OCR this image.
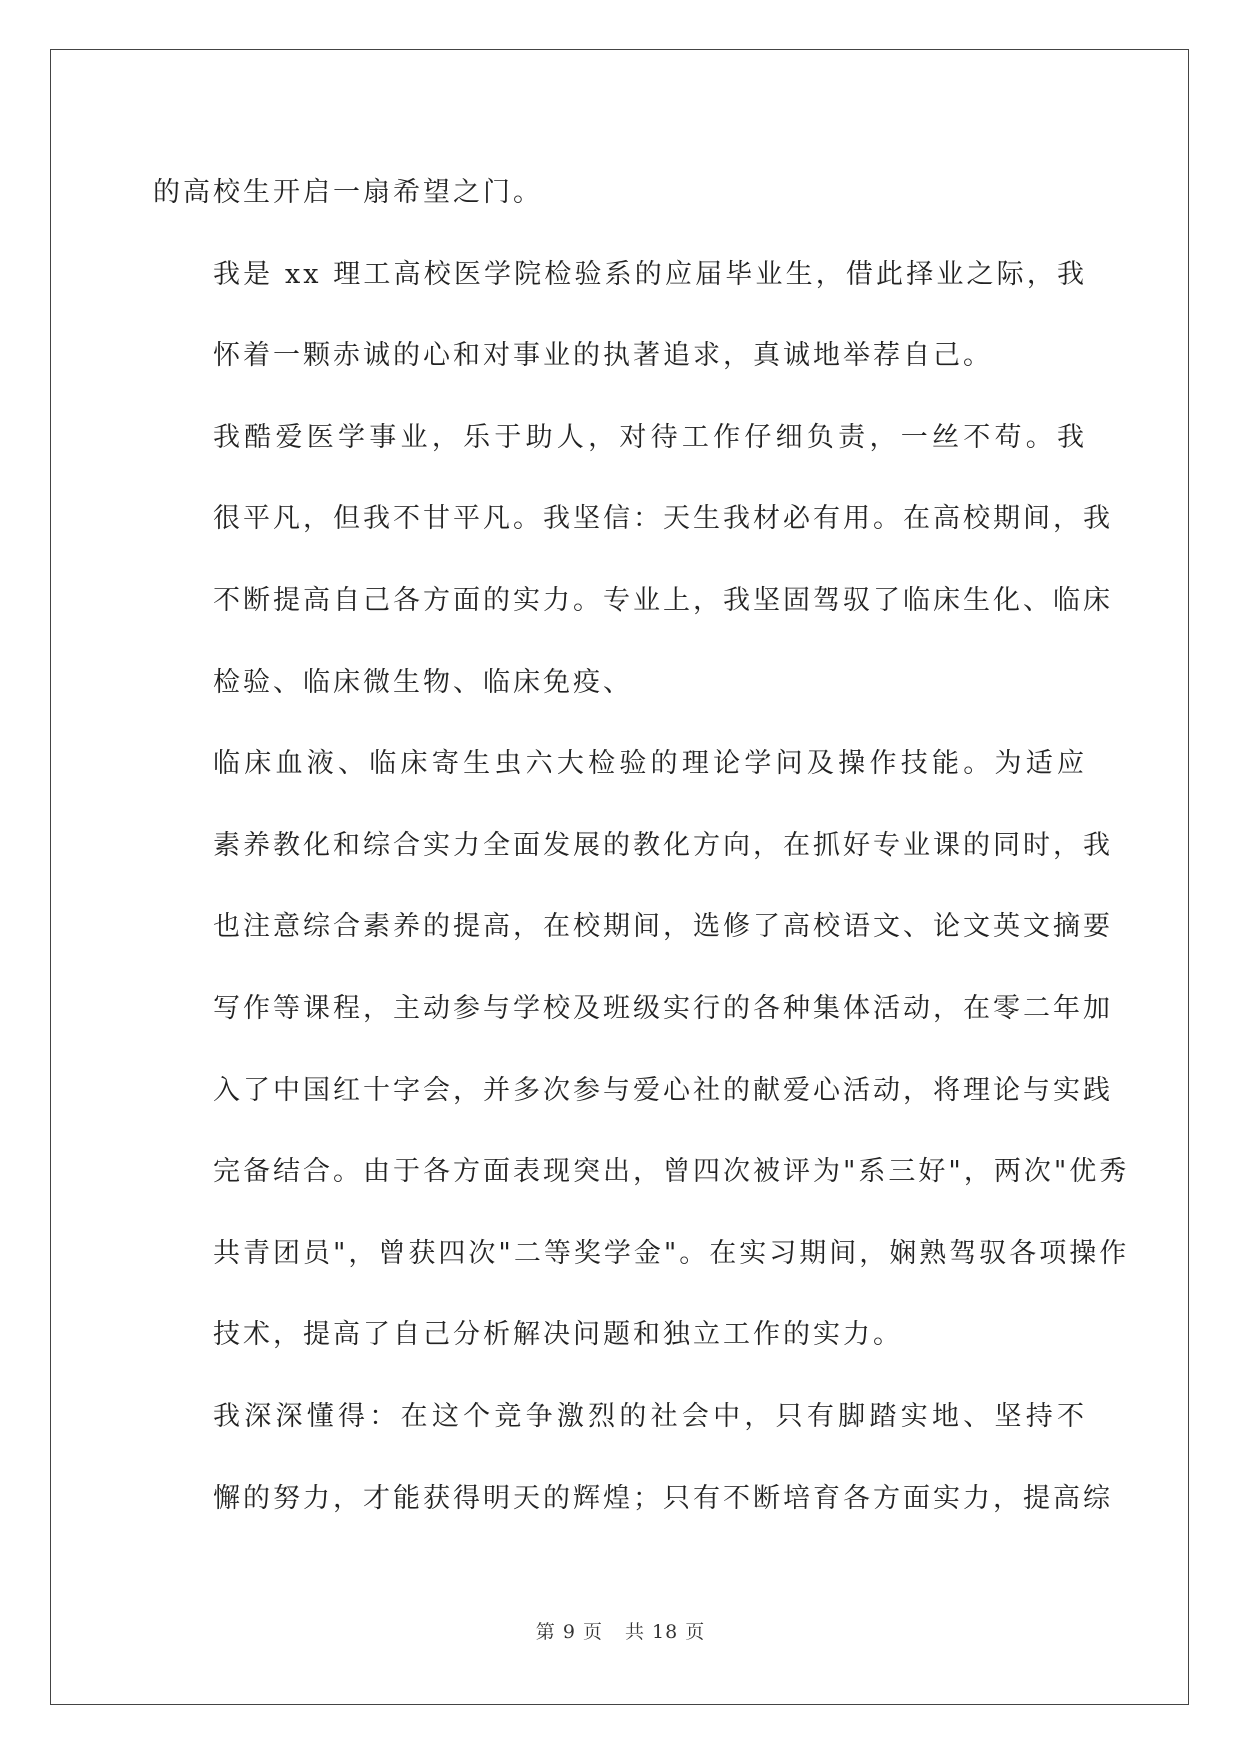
的高校生开启一扇希望之门。

我是 xx 理工高校医学院检验系的应届毕业生，借此择业之际，我
怀着一颗赤诚的心和对事业的执著追求，真诚地举荐自己。

我酷爱医学事业，乐于助人，对待工作仔细负责，一丝不苟。我
很平凡，但我不甘平凡。我坚信：天生我材必有用。在高校期间，我
不断提高自己各方面的实力。专业上，我坚固驾驭了临床生化、临床
检验、临床微生物、临床免疫、

临床血液、临床寄生虫六大检验的理论学问及操作技能。为适应
素养教化和综合实力全面发展的教化方向，在抓好专业课的同时，我
也注意综合素养的提高，在校期间，选修了高校语文、论文英文摘要
写作等课程，主动参与学校及班级实行的各种集体活动，在零二年加
入了中国红十字会，并多次参与爱心社的献爱心活动，将理论与实践
完备结合。由于各方面表现突出，曾四次被评为"系三好"，两次"优秀
共青团员"，曾获四次"二等奖学金"。在实习期间，娴熟驾驭各项操作
技术，提高了自己分析解决问题和独立工作的实力。

我深深懂得：在这个竞争激烈的社会中，只有脚踏实地、坚持不
懈的努力，才能获得明天的辉煌；只有不断培育各方面实力，提高综

第 9 页 共 18 页
